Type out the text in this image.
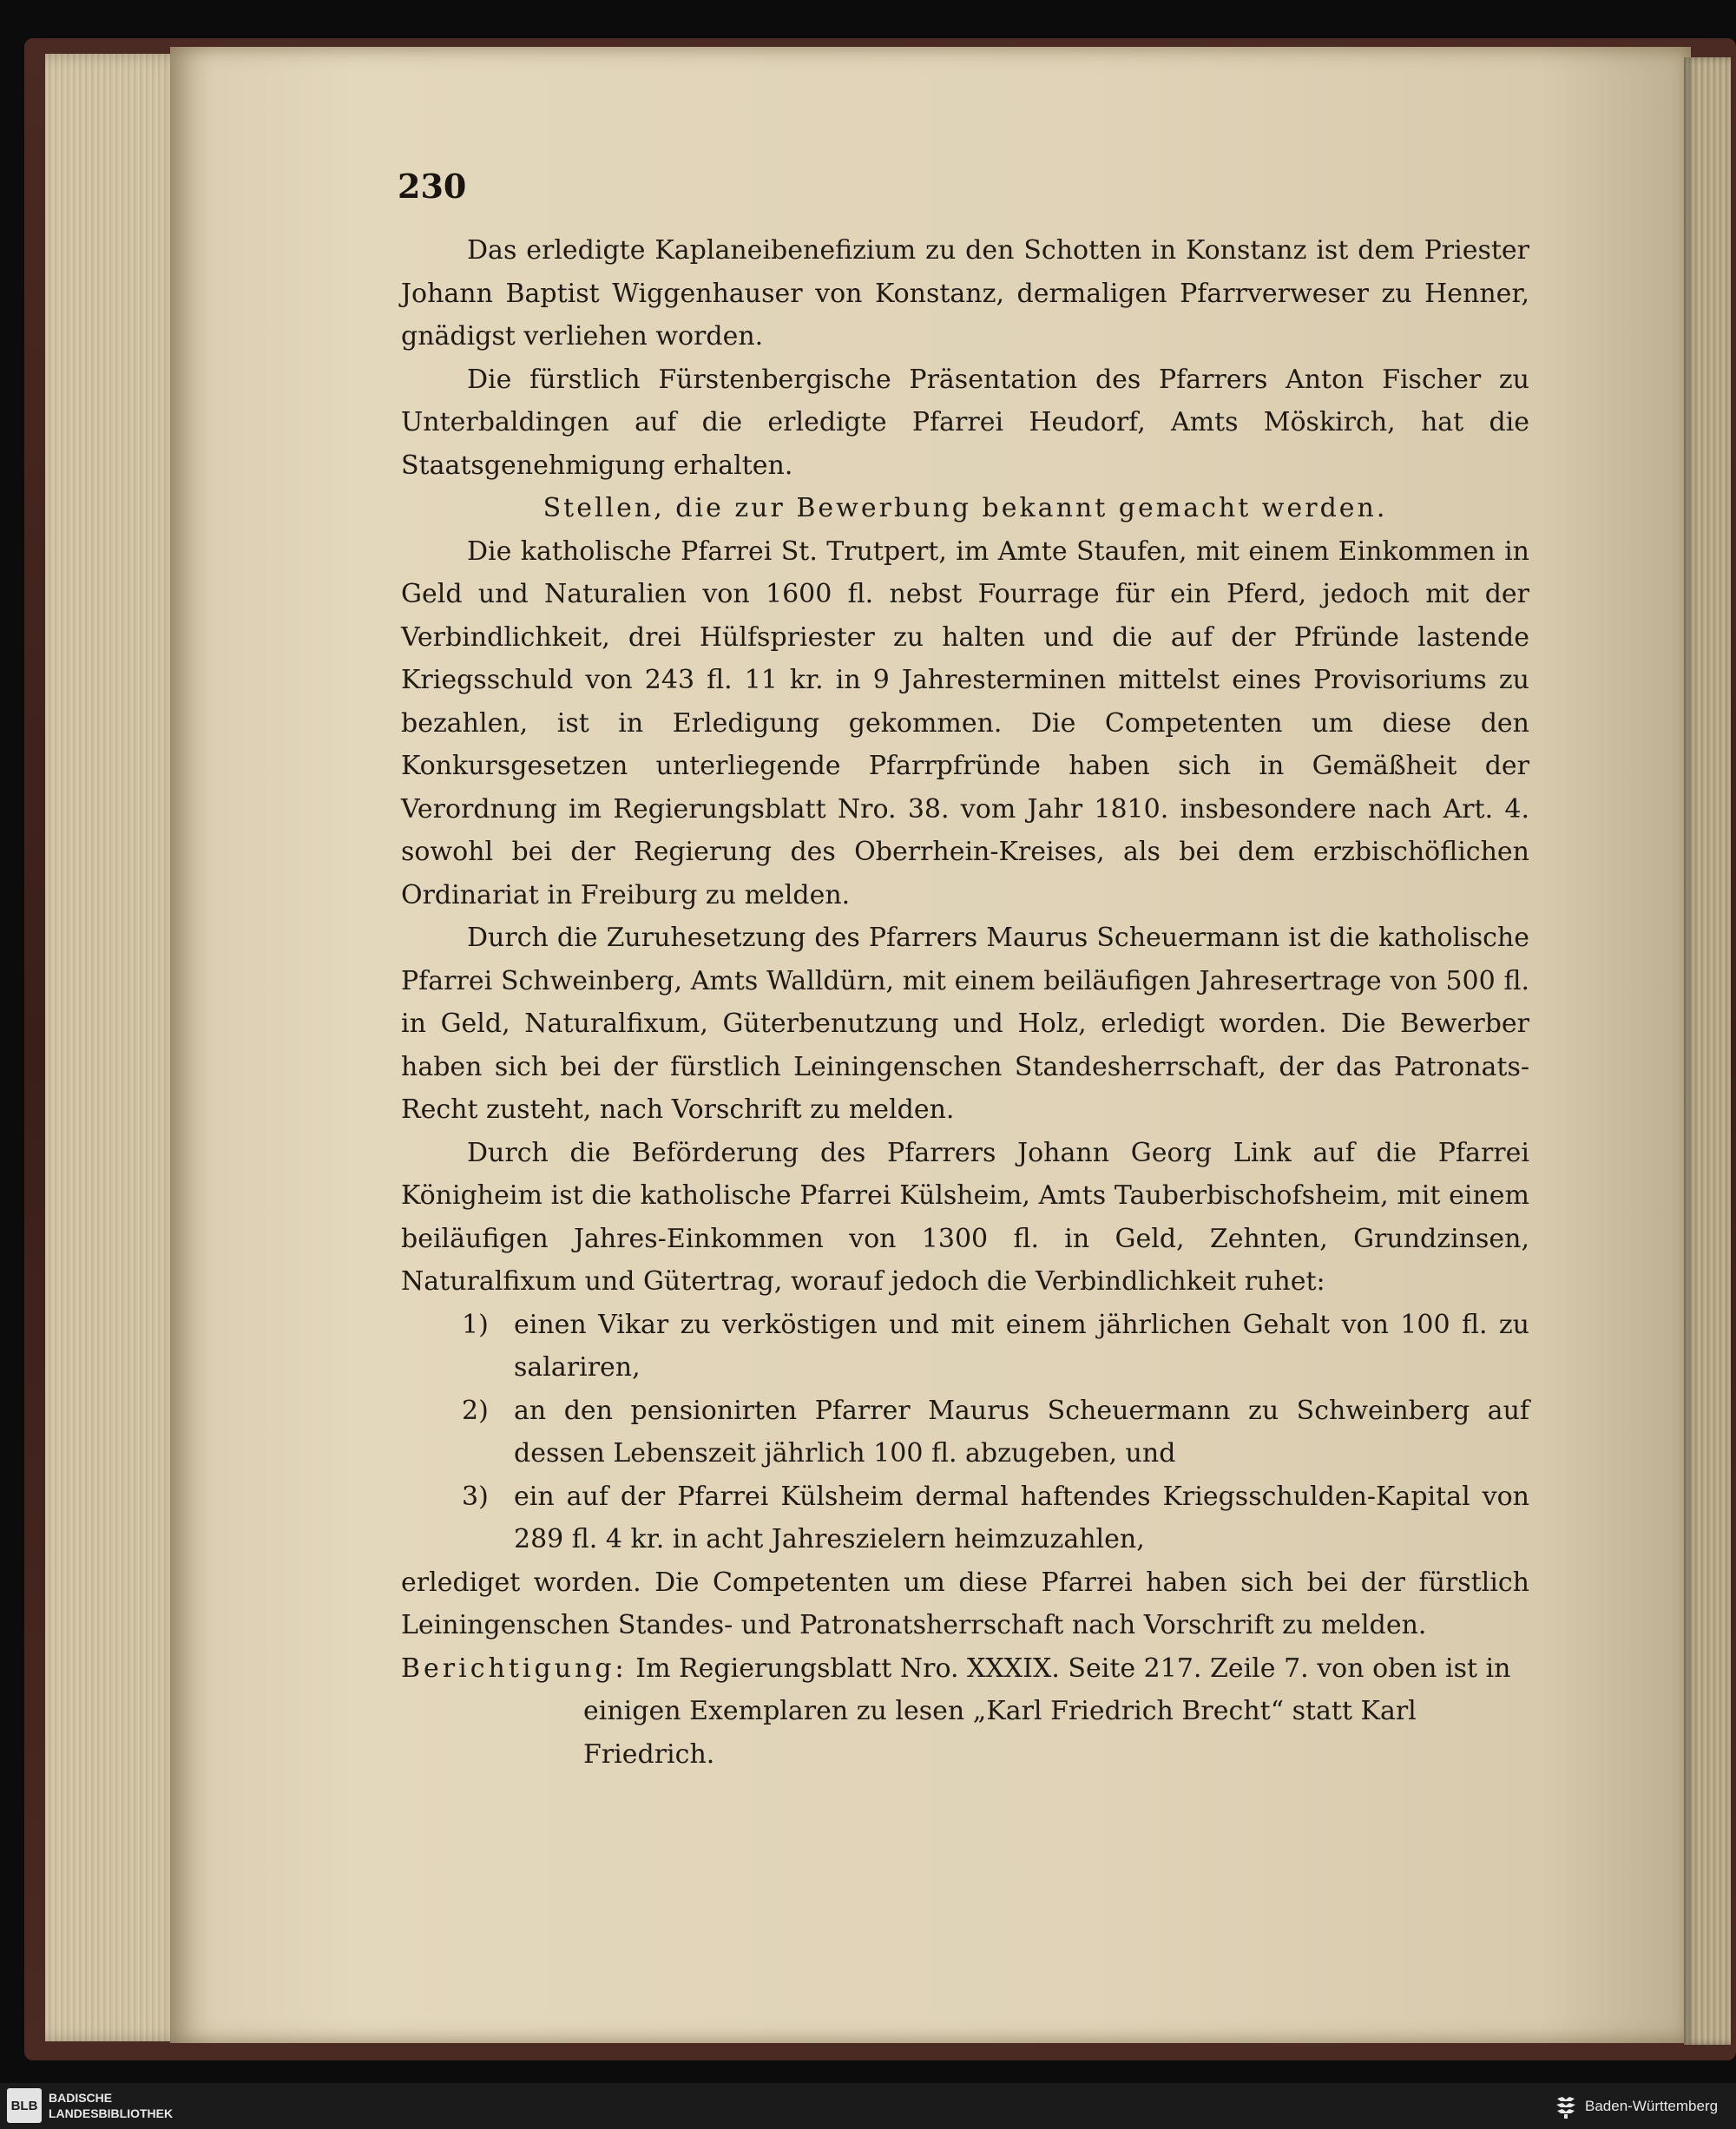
230

Das erledigte Kaplaneibenefizium zu den Schotten in Konstanz ist dem Priester Johann Baptist Wiggenhauser von Konstanz, dermaligen Pfarrverweser zu Henner, gnädigst verliehen worden.

Die fürstlich Fürstenbergische Präsentation des Pfarrers Anton Fischer zu Unterbaldingen auf die erledigte Pfarrei Heudorf, Amts Möskirch, hat die Staatsgenehmigung erhalten.

Stellen, die zur Bewerbung bekannt gemacht werden.

Die katholische Pfarrei St. Trutpert, im Amte Staufen, mit einem Einkommen in Geld und Naturalien von 1600 fl. nebst Fourrage für ein Pferd, jedoch mit der Verbindlichkeit, drei Hülfspriester zu halten und die auf der Pfründe lastende Kriegsschuld von 243 fl. 11 kr. in 9 Jahresterminen mittelst eines Provisoriums zu bezahlen, ist in Erledigung gekommen. Die Competenten um diese den Konkursgesetzen unterliegende Pfarrpfründe haben sich in Gemäßheit der Verordnung im Regierungsblatt Nro. 38. vom Jahr 1810. insbesondere nach Art. 4. sowohl bei der Regierung des Oberrhein-Kreises, als bei dem erzbischöflichen Ordinariat in Freiburg zu melden.

Durch die Zuruhesetzung des Pfarrers Maurus Scheuermann ist die katholische Pfarrei Schweinberg, Amts Walldürn, mit einem beiläufigen Jahresertrage von 500 fl. in Geld, Naturalfixum, Güterbenutzung und Holz, erledigt worden. Die Bewerber haben sich bei der fürstlich Leiningenschen Standesherrschaft, der das Patronats-Recht zusteht, nach Vorschrift zu melden.

Durch die Beförderung des Pfarrers Johann Georg Link auf die Pfarrei Königheim ist die katholische Pfarrei Külsheim, Amts Tauberbischofsheim, mit einem beiläufigen Jahres-Einkommen von 1300 fl. in Geld, Zehnten, Grundzinsen, Naturalfixum und Gütertrag, worauf jedoch die Verbindlichkeit ruhet:

1) einen Vikar zu verköstigen und mit einem jährlichen Gehalt von 100 fl. zu salariren,
2) an den pensionirten Pfarrer Maurus Scheuermann zu Schweinberg auf dessen Lebenszeit jährlich 100 fl. abzugeben, und
3) ein auf der Pfarrei Külsheim dermal haftendes Kriegsschulden-Kapital von 289 fl. 4 kr. in acht Jahreszielern heimzuzahlen,

erlediget worden. Die Competenten um diese Pfarrei haben sich bei der fürstlich Leiningenschen Standes- und Patronatsherrschaft nach Vorschrift zu melden.

Berichtigung: Im Regierungsblatt Nro. XXXIX. Seite 217. Zeile 7. von oben ist in
einigen Exemplaren zu lesen „Karl Friedrich Brecht“ statt Karl Friedrich.
BLB
BADISCHE
LANDESBIBLIOTHEK	Baden-Württemberg
